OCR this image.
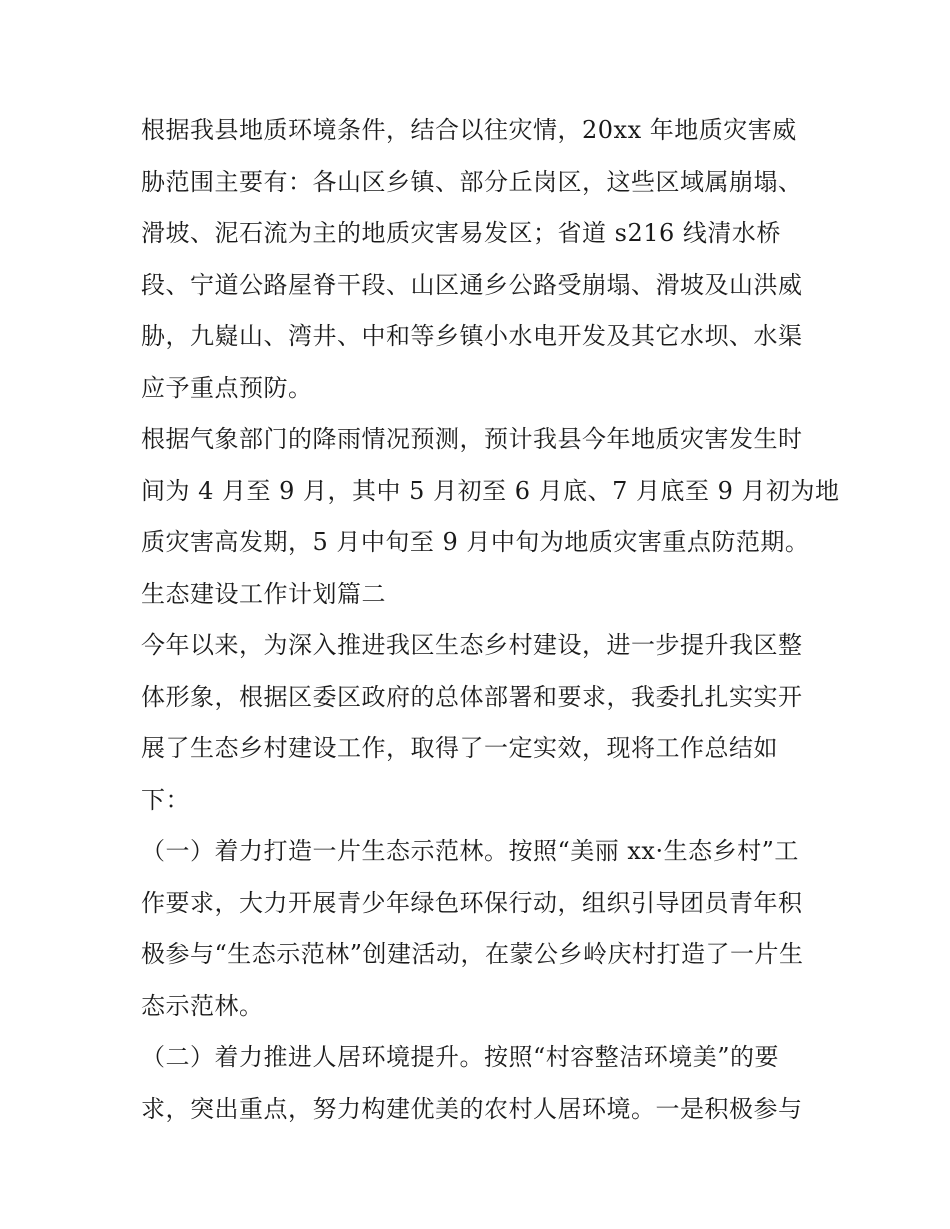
根据我县地质环境条件，结合以往灾情，20xx 年地质灾害威
胁范围主要有：各山区乡镇、部分丘岗区，这些区域属崩塌、
滑坡、泥石流为主的地质灾害易发区；省道 s216 线清水桥
段、宁道公路屋脊干段、山区通乡公路受崩塌、滑坡及山洪威
胁，九嶷山、湾井、中和等乡镇小水电开发及其它水坝、水渠
应予重点预防。
根据气象部门的降雨情况预测，预计我县今年地质灾害发生时
间为 4 月至 9 月，其中 5 月初至 6 月底、7 月底至 9 月初为地
质灾害高发期，5 月中旬至 9 月中旬为地质灾害重点防范期。
生态建设工作计划篇二
今年以来，为深入推进我区生态乡村建设，进一步提升我区整
体形象，根据区委区政府的总体部署和要求，我委扎扎实实开
展了生态乡村建设工作，取得了一定实效，现将工作总结如
下：
（一）着力打造一片生态示范林。按照“美丽 xx·生态乡村”工
作要求，大力开展青少年绿色环保行动，组织引导团员青年积
极参与“生态示范林”创建活动，在蒙公乡岭庆村打造了一片生
态示范林。
（二）着力推进人居环境提升。按照“村容整洁环境美”的要
求，突出重点，努力构建优美的农村人居环境。一是积极参与
